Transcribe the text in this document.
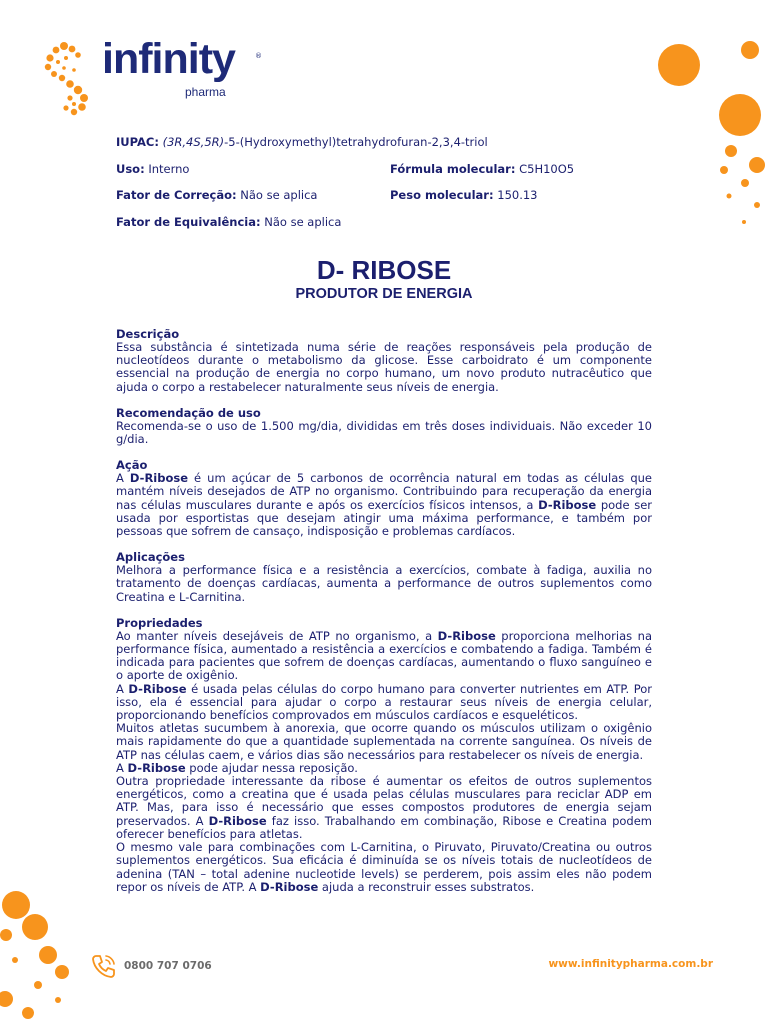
infinity	®
pharma
IUPAC: (3R,4S,5R)-5-(Hydroxymethyl)tetrahydrofuran-2,3,4-triol
Uso: Interno	Fórmula molecular: C5H10O5
Fator de Correção: Não se aplica	Peso molecular: 150.13
Fator de Equivalência: Não se aplica
D- RIBOSE
PRODUTOR DE ENERGIA

Descrição

Essa substância é sintetizada numa série de reações responsáveis pela produção de nucleotídeos durante o metabolismo da glicose. Esse carboidrato é um componente essencial na produção de energia no corpo humano, um novo produto nutracêutico que ajuda o corpo a restabelecer naturalmente seus níveis de energia.

Recomendação de uso

Recomenda-se o uso de 1.500 mg/dia, divididas em três doses individuais. Não exceder 10 g/dia.

Ação

A D-Ribose é um açúcar de 5 carbonos de ocorrência natural em todas as células que mantém níveis desejados de ATP no organismo. Contribuindo para recuperação da energia nas células musculares durante e após os exercícios físicos intensos, a D-Ribose pode ser usada por esportistas que desejam atingir uma máxima performance, e também por pessoas que sofrem de cansaço, indisposição e problemas cardíacos.

Aplicações

Melhora a performance física e a resistência a exercícios, combate à fadiga, auxilia no tratamento de doenças cardíacas, aumenta a performance de outros suplementos como Creatina e L-Carnitina.

Propriedades

Ao manter níveis desejáveis de ATP no organismo, a D-Ribose proporciona melhorias na performance física, aumentado a resistência a exercícios e combatendo a fadiga. Também é indicada para pacientes que sofrem de doenças cardíacas, aumentando o fluxo sanguíneo e o aporte de oxigênio.

A D-Ribose é usada pelas células do corpo humano para converter nutrientes em ATP. Por isso, ela é essencial para ajudar o corpo a restaurar seus níveis de energia celular, proporcionando benefícios comprovados em músculos cardíacos e esqueléticos.

Muitos atletas sucumbem à anorexia, que ocorre quando os músculos utilizam o oxigênio mais rapidamente do que a quantidade suplementada na corrente sanguínea. Os níveis de ATP nas células caem, e vários dias são necessários para restabelecer os níveis de energia.

A D-Ribose pode ajudar nessa reposição.

Outra propriedade interessante da ribose é aumentar os efeitos de outros suplementos energéticos, como a creatina que é usada pelas células musculares para reciclar ADP em ATP. Mas, para isso é necessário que esses compostos produtores de energia sejam preservados. A D-Ribose faz isso. Trabalhando em combinação, Ribose e Creatina podem oferecer benefícios para atletas.

O mesmo vale para combinações com L-Carnitina, o Piruvato, Piruvato/Creatina ou outros suplementos energéticos. Sua eficácia é diminuída se os níveis totais de nucleotídeos de adenina (TAN – total adenine nucleotide levels) se perderem, pois assim eles não podem repor os níveis de ATP. A D-Ribose ajuda a reconstruir esses substratos.

0800 707 0706	www.infinitypharma.com.br
